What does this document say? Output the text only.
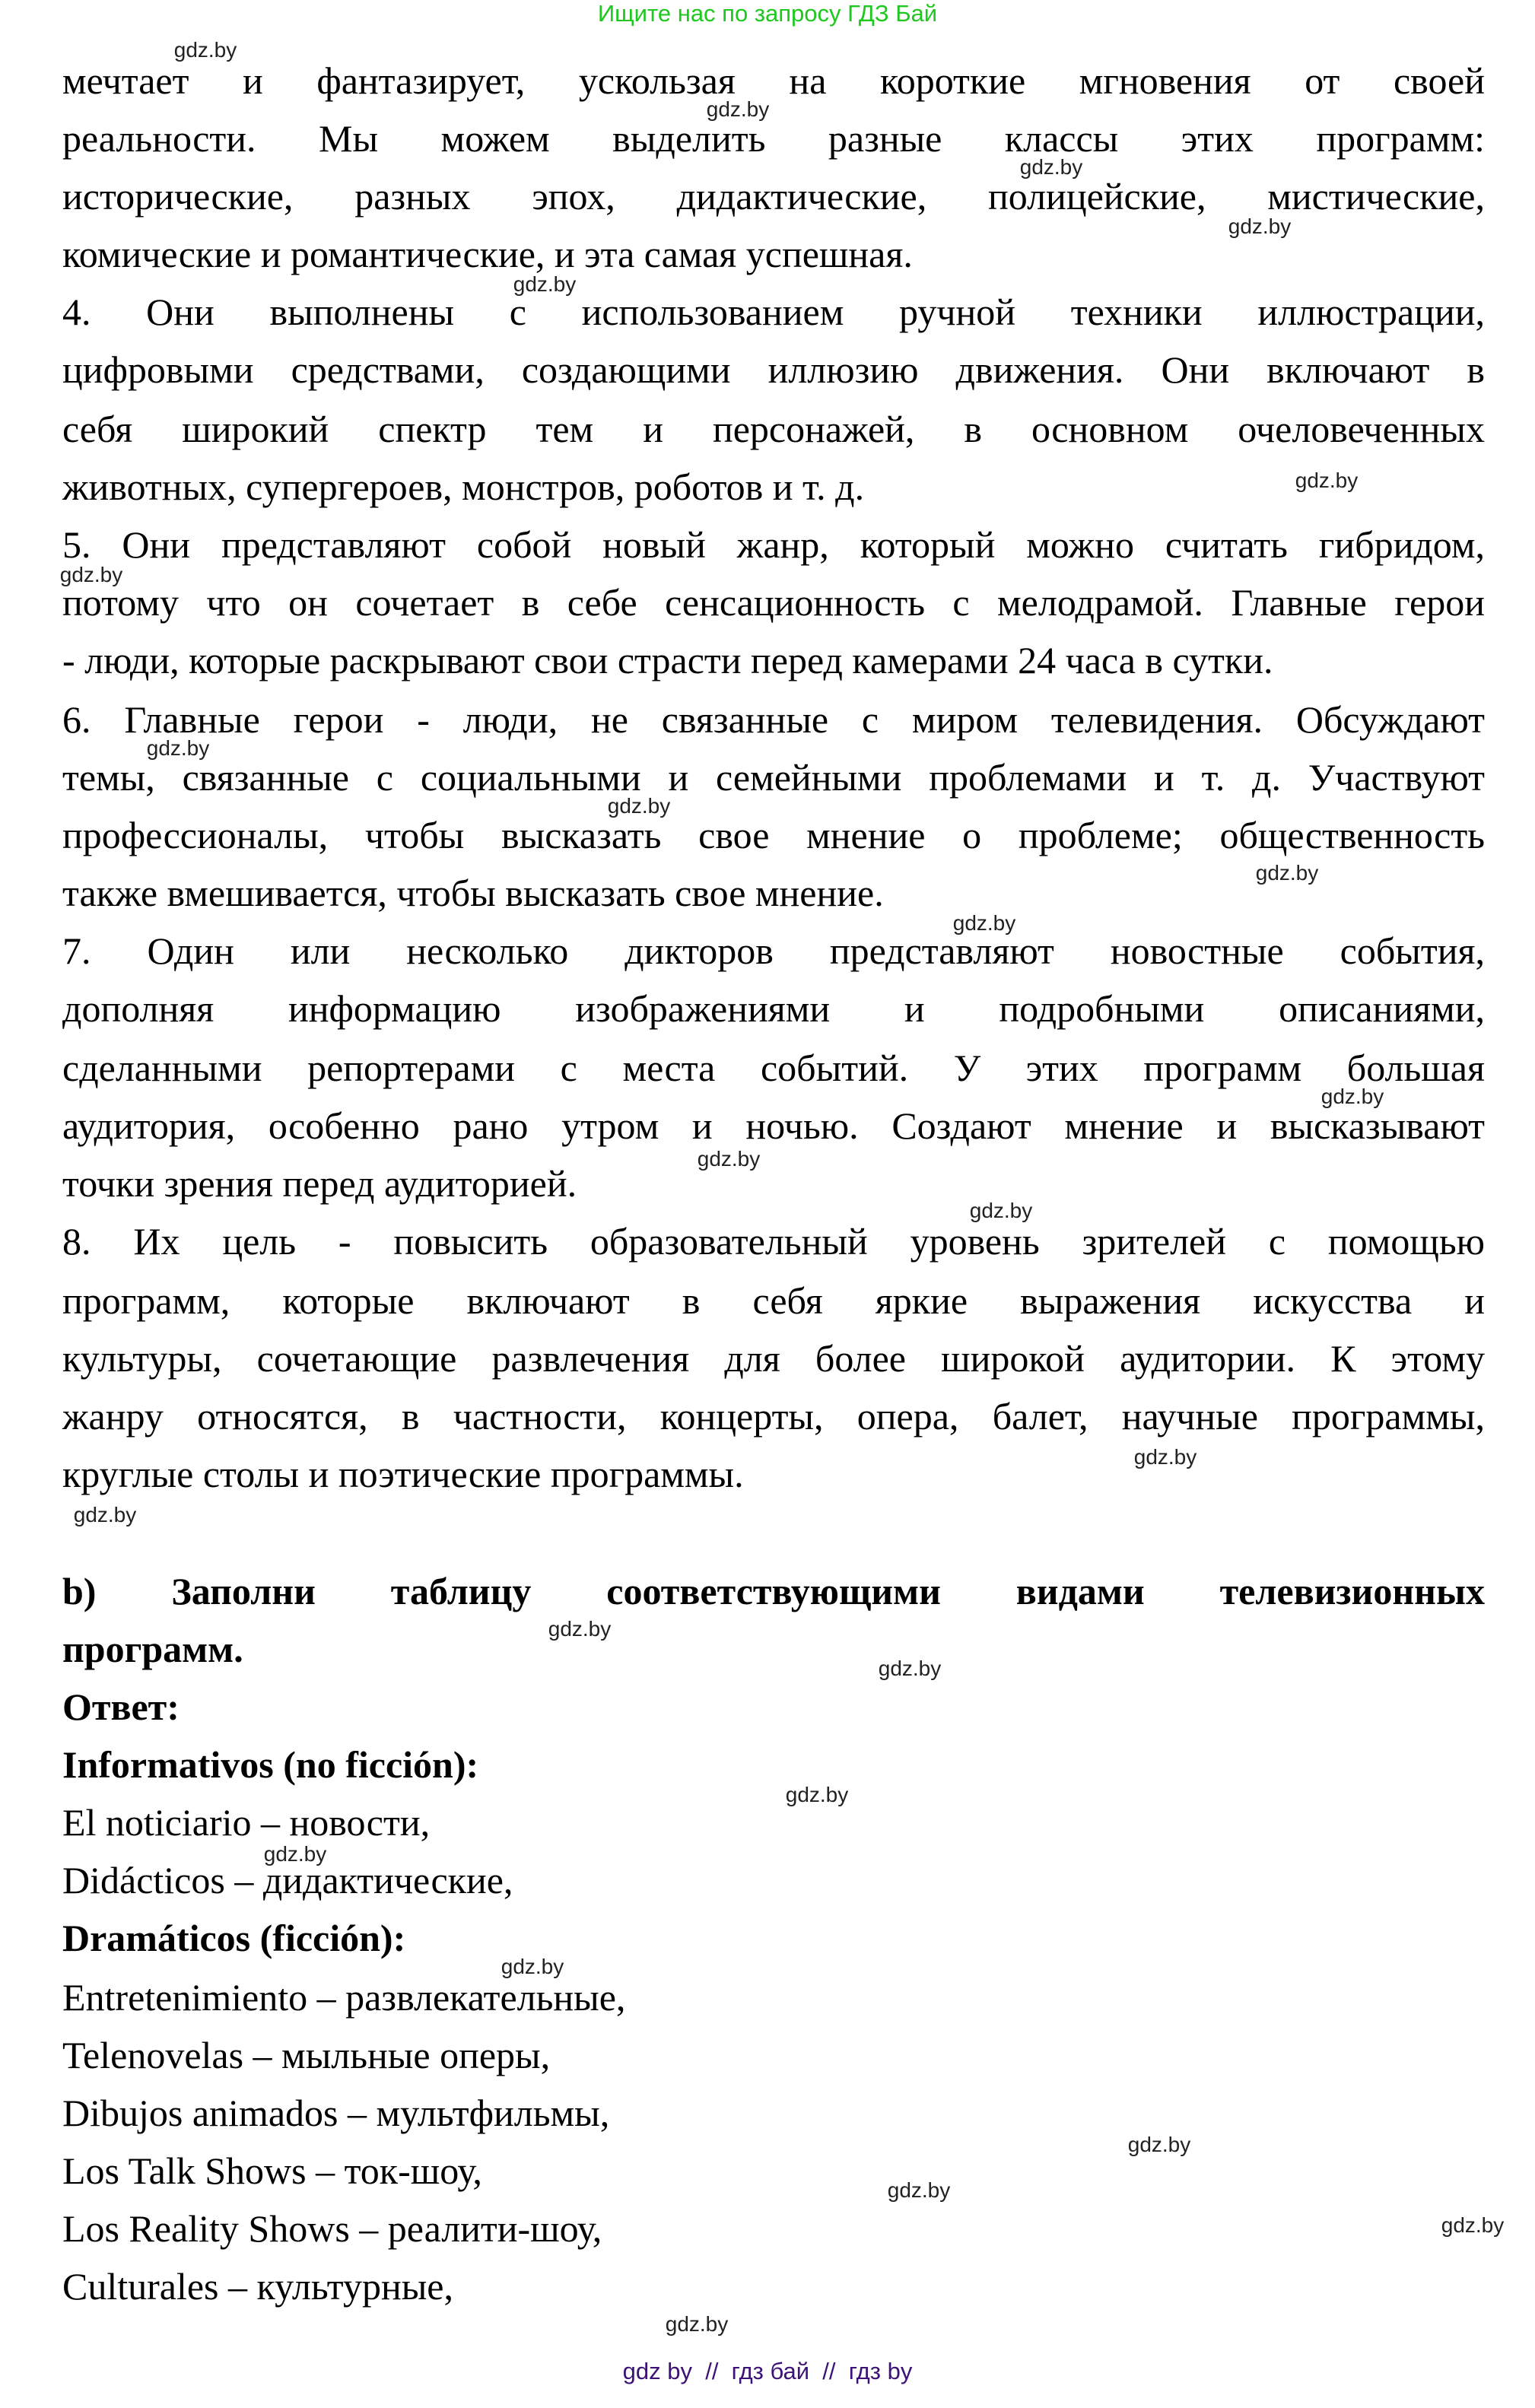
Ищите нас по запросу ГДЗ Бай
мечтает и фантазирует, ускользая на короткие мгновения от своей
реальности. Мы можем выделить разные классы этих программ:
исторические, разных эпох, дидактические, полицейские, мистические,
комические и романтические, и эта самая успешная.
4. Они выполнены с использованием ручной техники иллюстрации,
цифровыми средствами, создающими иллюзию движения. Они включают в
себя широкий спектр тем и персонажей, в основном очеловеченных
животных, супергероев, монстров, роботов и т. д.
5. Они представляют собой новый жанр, который можно считать гибридом,
потому что он сочетает в себе сенсационность с мелодрамой. Главные герои
- люди, которые раскрывают свои страсти перед камерами 24 часа в сутки.
6. Главные герои - люди, не связанные с миром телевидения. Обсуждают
темы, связанные с социальными и семейными проблемами и т. д. Участвуют
профессионалы, чтобы высказать свое мнение о проблеме; общественность
также вмешивается, чтобы высказать свое мнение.
7. Один или несколько дикторов представляют новостные события,
дополняя информацию изображениями и подробными описаниями,
сделанными репортерами с места событий. У этих программ большая
аудитория, особенно рано утром и ночью. Создают мнение и высказывают
точки зрения перед аудиторией.
8. Их цель - повысить образовательный уровень зрителей с помощью
программ, которые включают в себя яркие выражения искусства и
культуры, сочетающие развлечения для более широкой аудитории. К этому
жанру относятся, в частности, концерты, опера, балет, научные программы,
круглые столы и поэтические программы.
b) Заполни таблицу соответствующими видами телевизионных
программ.
Ответ:
Informativos (no ficción):
El noticiario – новости,
Didácticos – дидактические,
Dramáticos (ficción):
Entretenimiento – развлекательные,
Telenovelas – мыльные оперы,
Dibujos animados – мультфильмы,
Los Talk Shows – ток-шоу,
Los Reality Shows – реалити-шоу,
Culturales – культурные,
gdz.by
gdz.by
gdz.by
gdz.by
gdz.by
gdz.by
gdz.by
gdz.by
gdz.by
gdz.by
gdz.by
gdz.by
gdz.by
gdz.by
gdz.by
gdz.by
gdz.by
gdz.by
gdz.by
gdz.by
gdz.by
gdz.by
gdz.by
gdz.by
gdz.by
gdz by  //  гдз бай  //  гдз by
